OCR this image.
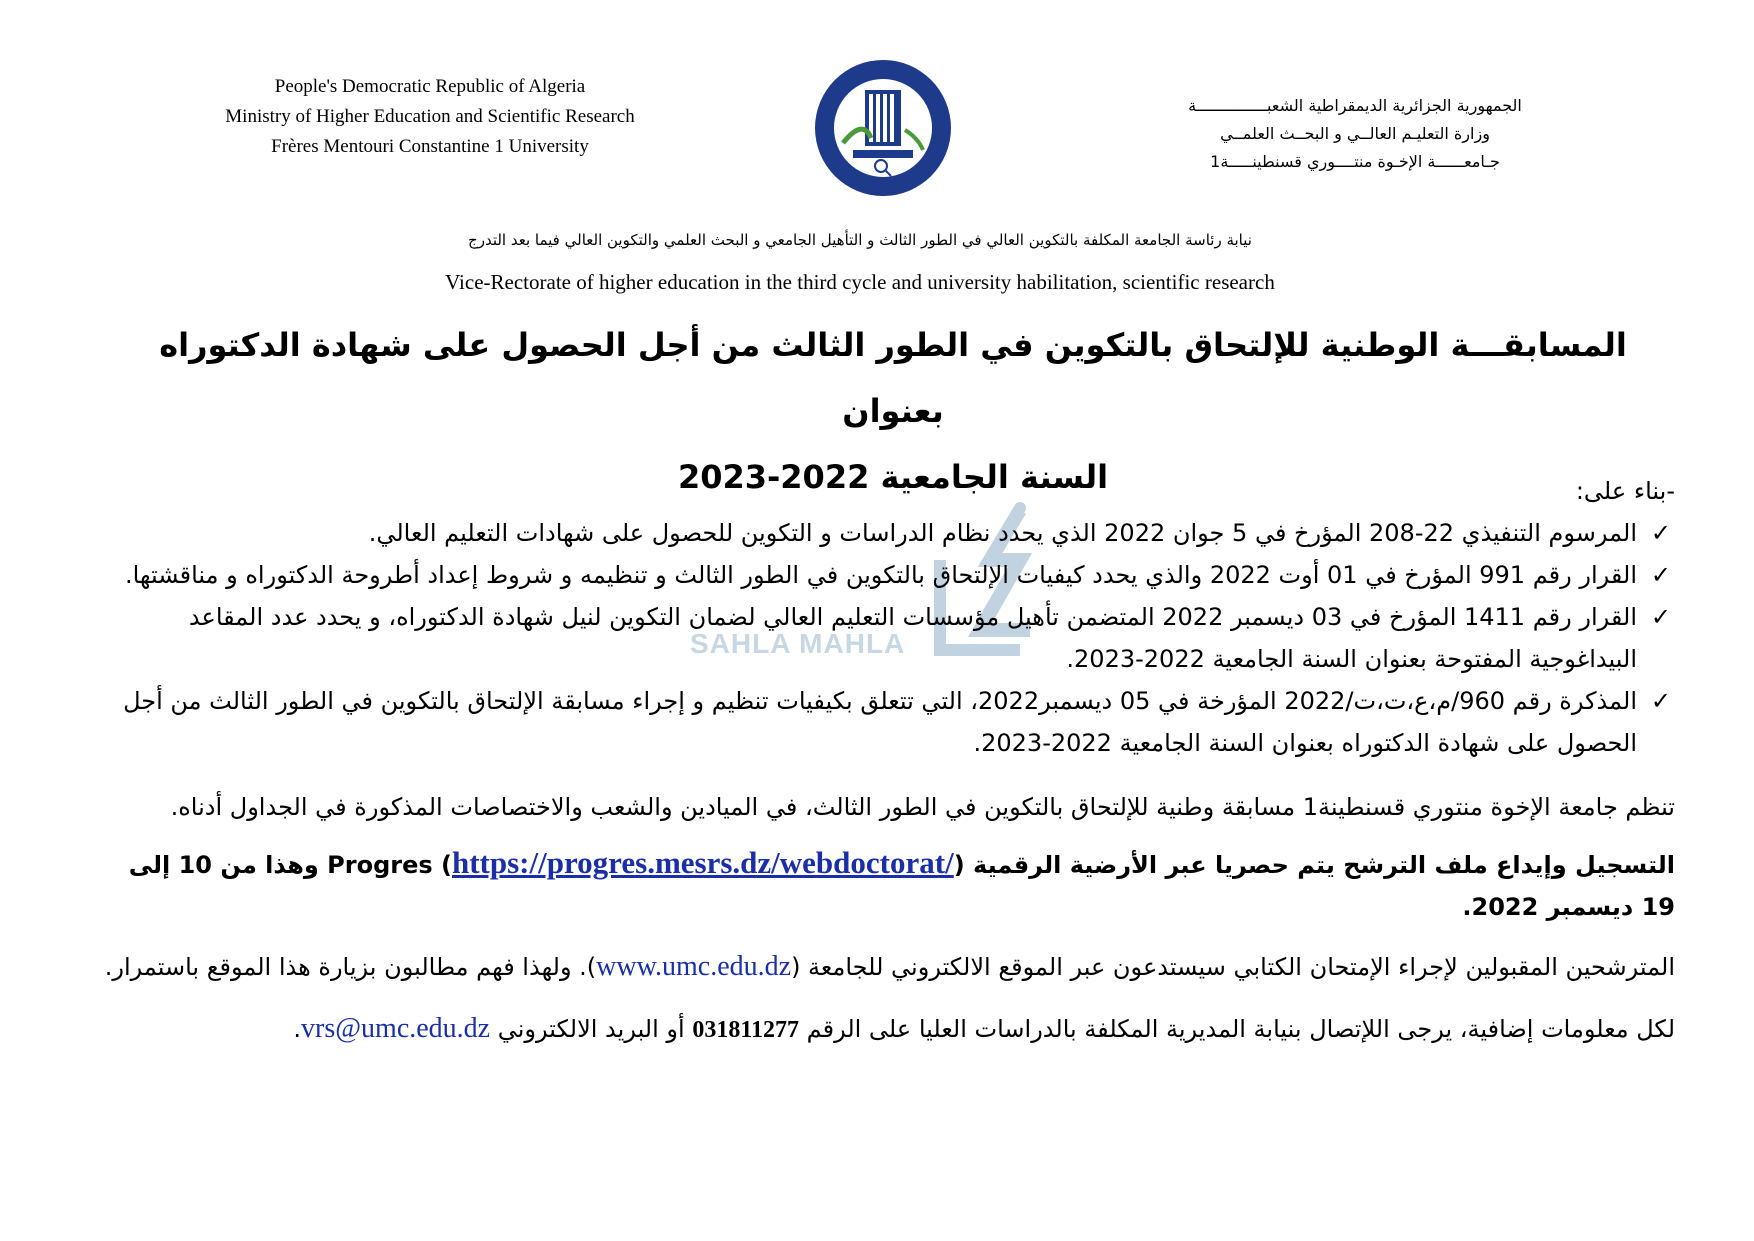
People's Democratic Republic of Algeria
Ministry of Higher Education and Scientific Research
Frères Mentouri Constantine 1 University
الجمهورية الجزائرية الديمقراطية الشعبـــــــــــــــة
وزارة التعليـم العالــي و البحــث العلمــي
جـامعــــــة الإخـوة منتــــوري قسنطينـــــة1
نيابة رئاسة الجامعة المكلفة بالتكوين العالي في الطور الثالث و التأهيل الجامعي و البحث العلمي والتكوين العالي فيما بعد التدرج
Vice-Rectorate of higher education in the third cycle and university habilitation, scientific research
المسابقـــة الوطنية للإلتحاق بالتكوين في الطور الثالث من أجل الحصول على شهادة الدكتوراه بعنوان
السنة الجامعية 2022-2023
SAHLA MAHLA

-بناء على:

✓
المرسوم التنفيذي 22-208 المؤرخ في 5 جوان 2022 الذي يحدد نظام الدراسات و التكوين للحصول على شهادات التعليم العالي.
✓
القرار رقم 991 المؤرخ في 01 أوت 2022 والذي يحدد كيفيات الإلتحاق بالتكوين في الطور الثالث و تنظيمه و شروط إعداد أطروحة الدكتوراه و مناقشتها.
✓
القرار رقم 1411 المؤرخ في 03 ديسمبر 2022 المتضمن تأهيل مؤسسات التعليم العالي لضمان التكوين لنيل شهادة الدكتوراه، و يحدد عدد المقاعد البيداغوجية المفتوحة بعنوان السنة الجامعية 2022-2023.
✓
المذكرة رقم 960/م،ع،ت،ت/2022 المؤرخة في 05 ديسمبر2022، التي تتعلق بكيفيات تنظيم و إجراء مسابقة الإلتحاق بالتكوين في الطور الثالث من أجل الحصول على شهادة الدكتوراه بعنوان السنة الجامعية 2022-2023.

تنظم جامعة الإخوة منتوري قسنطينة1 مسابقة وطنية للإلتحاق بالتكوين في الطور الثالث، في الميادين والشعب والاختصاصات المذكورة في الجداول أدناه.

التسجيل وإيداع ملف الترشح يتم حصريا عبر الأرضية الرقمية Progres (https://progres.mesrs.dz/webdoctorat/) وهذا من 10 إلى 19 ديسمبر 2022.

المترشحين المقبولين لإجراء الإمتحان الكتابي سيستدعون عبر الموقع الالكتروني للجامعة (www.umc.edu.dz). ولهذا فهم مطالبون بزيارة هذا الموقع باستمرار.

لكل معلومات إضافية، يرجى اللإتصال بنيابة المديرية المكلفة بالدراسات العليا على الرقم 031811277 أو البريد الالكتروني vrs@umc.edu.dz.
